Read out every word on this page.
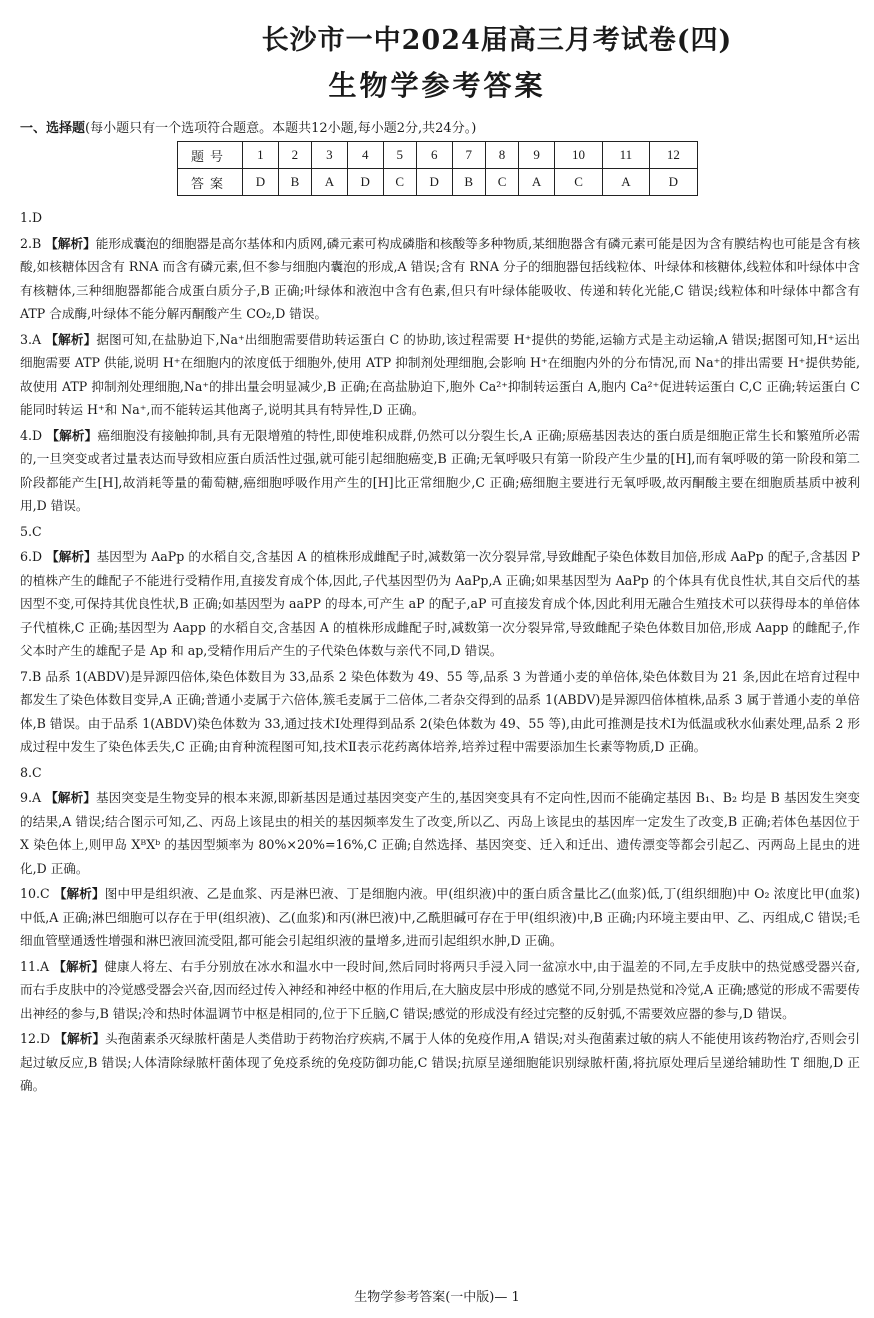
长沙市一中2024届高三月考试卷(四)
生物学参考答案
一、选择题(每小题只有一个选项符合题意。本题共12小题,每小题2分,共24分。)
题号	1	2	3	4	5	6	7	8	9	10	11	12
答案	D	B	A	D	C	D	B	C	A	C	A	D
1.D
2.B 【解析】能形成囊泡的细胞器是高尔基体和内质网,磷元素可构成磷脂和核酸等多种物质,某细胞器含有磷元素可能是因为含有膜结构也可能是含有核酸,如核糖体因含有 RNA 而含有磷元素,但不参与细胞内囊泡的形成,A 错误;含有 RNA 分子的细胞器包括线粒体、叶绿体和核糖体,线粒体和叶绿体中含有核糖体,三种细胞器都能合成蛋白质分子,B 正确;叶绿体和液泡中含有色素,但只有叶绿体能吸收、传递和转化光能,C 错误;线粒体和叶绿体中都含有 ATP 合成酶,叶绿体不能分解丙酮酸产生 CO₂,D 错误。
3.A 【解析】据图可知,在盐胁迫下,Na⁺出细胞需要借助转运蛋白 C 的协助,该过程需要 H⁺提供的势能,运输方式是主动运输,A 错误;据图可知,H⁺运出细胞需要 ATP 供能,说明 H⁺在细胞内的浓度低于细胞外,使用 ATP 抑制剂处理细胞,会影响 H⁺在细胞内外的分布情况,而 Na⁺的排出需要 H⁺提供势能,故使用 ATP 抑制剂处理细胞,Na⁺的排出量会明显减少,B 正确;在高盐胁迫下,胞外 Ca²⁺抑制转运蛋白 A,胞内 Ca²⁺促进转运蛋白 C,C 正确;转运蛋白 C 能同时转运 H⁺和 Na⁺,而不能转运其他离子,说明其具有特异性,D 正确。
4.D 【解析】癌细胞没有接触抑制,具有无限增殖的特性,即使堆积成群,仍然可以分裂生长,A 正确;原癌基因表达的蛋白质是细胞正常生长和繁殖所必需的,一旦突变或者过量表达而导致相应蛋白质活性过强,就可能引起细胞癌变,B 正确;无氧呼吸只有第一阶段产生少量的[H],而有氧呼吸的第一阶段和第二阶段都能产生[H],故消耗等量的葡萄糖,癌细胞呼吸作用产生的[H]比正常细胞少,C 正确;癌细胞主要进行无氧呼吸,故丙酮酸主要在细胞质基质中被利用,D 错误。
5.C
6.D 【解析】基因型为 AaPp 的水稻自交,含基因 A 的植株形成雌配子时,减数第一次分裂异常,导致雌配子染色体数目加倍,形成 AaPp 的配子,含基因 P 的植株产生的雌配子不能进行受精作用,直接发育成个体,因此,子代基因型仍为 AaPp,A 正确;如果基因型为 AaPp 的个体具有优良性状,其自交后代的基因型不变,可保持其优良性状,B 正确;如基因型为 aaPP 的母本,可产生 aP 的配子,aP 可直接发育成个体,因此利用无融合生殖技术可以获得母本的单倍体子代植株,C 正确;基因型为 Aapp 的水稻自交,含基因 A 的植株形成雌配子时,减数第一次分裂异常,导致雌配子染色体数目加倍,形成 Aapp 的雌配子,作父本时产生的雄配子是 Ap 和 ap,受精作用后产生的子代染色体数与亲代不同,D 错误。
7.B 品系 1(ABDV)是异源四倍体,染色体数目为 33,品系 2 染色体数为 49、55 等,品系 3 为普通小麦的单倍体,染色体数目为 21 条,因此在培育过程中都发生了染色体数目变异,A 正确;普通小麦属于六倍体,簇毛麦属于二倍体,二者杂交得到的品系 1(ABDV)是异源四倍体植株,品系 3 属于普通小麦的单倍体,B 错误。由于品系 1(ABDV)染色体数为 33,通过技术Ⅰ处理得到品系 2(染色体数为 49、55 等),由此可推测是技术Ⅰ为低温或秋水仙素处理,品系 2 形成过程中发生了染色体丢失,C 正确;由育种流程图可知,技术Ⅱ表示花药离体培养,培养过程中需要添加生长素等物质,D 正确。
8.C
9.A 【解析】基因突变是生物变异的根本来源,即新基因是通过基因突变产生的,基因突变具有不定向性,因而不能确定基因 B₁、B₂ 均是 B 基因发生突变的结果,A 错误;结合图示可知,乙、丙岛上该昆虫的相关的基因频率发生了改变,所以乙、丙岛上该昆虫的基因库一定发生了改变,B 正确;若体色基因位于 X 染色体上,则甲岛 XᴮXᵇ 的基因型频率为 80%×20%=16%,C 正确;自然选择、基因突变、迁入和迁出、遗传漂变等都会引起乙、丙两岛上昆虫的进化,D 正确。
10.C 【解析】图中甲是组织液、乙是血浆、丙是淋巴液、丁是细胞内液。甲(组织液)中的蛋白质含量比乙(血浆)低,丁(组织细胞)中 O₂ 浓度比甲(血浆)中低,A 正确;淋巴细胞可以存在于甲(组织液)、乙(血浆)和丙(淋巴液)中,乙酰胆碱可存在于甲(组织液)中,B 正确;内环境主要由甲、乙、丙组成,C 错误;毛细血管壁通透性增强和淋巴液回流受阻,都可能会引起组织液的量增多,进而引起组织水肿,D 正确。
11.A 【解析】健康人将左、右手分别放在冰水和温水中一段时间,然后同时将两只手浸入同一盆凉水中,由于温差的不同,左手皮肤中的热觉感受器兴奋,而右手皮肤中的冷觉感受器会兴奋,因而经过传入神经和神经中枢的作用后,在大脑皮层中形成的感觉不同,分别是热觉和冷觉,A 正确;感觉的形成不需要传出神经的参与,B 错误;冷和热时体温调节中枢是相同的,位于下丘脑,C 错误;感觉的形成没有经过完整的反射弧,不需要效应器的参与,D 错误。
12.D 【解析】头孢菌素杀灭绿脓杆菌是人类借助于药物治疗疾病,不属于人体的免疫作用,A 错误;对头孢菌素过敏的病人不能使用该药物治疗,否则会引起过敏反应,B 错误;人体清除绿脓杆菌体现了免疫系统的免疫防御功能,C 错误;抗原呈递细胞能识别绿脓杆菌,将抗原处理后呈递给辅助性 T 细胞,D 正确。
生物学参考答案(一中版)— 1
